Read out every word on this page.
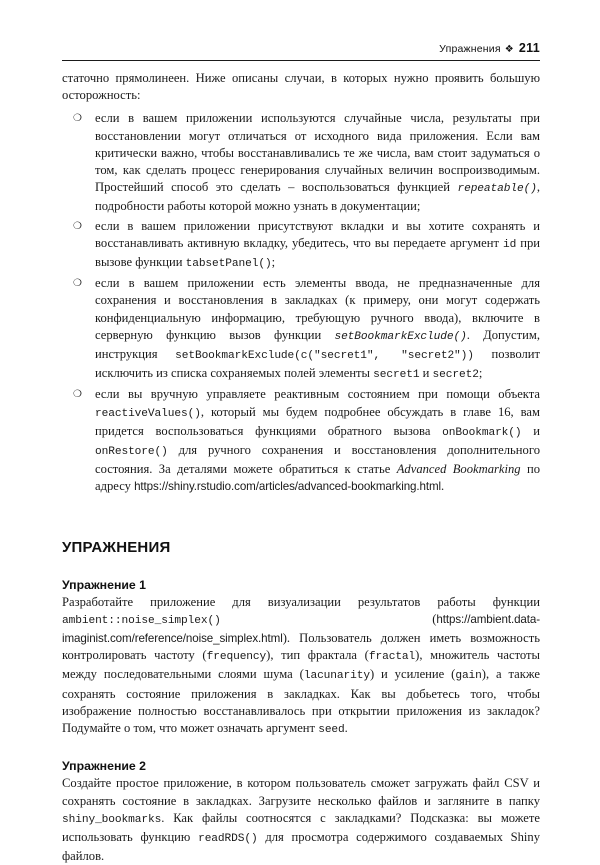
Упражнения ❖ 211

статочно прямолинеен. Ниже описаны случаи, в которых нужно проявить большую осторожность:

❍	если в вашем приложении используются случайные числа, результаты при восстановлении могут отличаться от исходного вида приложения. Если вам критически важно, чтобы восстанавливались те же числа, вам стоит задуматься о том, как сделать процесс генерирования случайных величин воспроизводимым. Простейший способ это сделать – воспользоваться функцией repeatable(), подробности работы которой можно узнать в документации;
❍	если в вашем приложении присутствуют вкладки и вы хотите сохранять и восстанавливать активную вкладку, убедитесь, что вы передаете аргумент id при вызове функции tabsetPanel();
❍	если в вашем приложении есть элементы ввода, не предназначенные для сохранения и восстановления в закладках (к примеру, они могут содержать конфиденциальную информацию, требующую ручного ввода), включите в серверную функцию вызов функции setBookmarkExclude(). Допустим, инструкция setBookmarkExclude(c("secret1", "secret2")) позволит исключить из списка сохраняемых полей элементы secret1 и secret2;
❍	если вы вручную управляете реактивным состоянием при помощи объекта reactiveValues(), который мы будем подробнее обсуждать в главе 16, вам придется воспользоваться функциями обратного вызова onBookmark() и onRestore() для ручного сохранения и восстановления дополнительного состояния. За деталями можете обратиться к статье Advanced Bookmarking по адресу https://shiny.rstudio.com/articles/advanced-bookmarking.html.
упражнения
Упражнение 1

Разработайте приложение для визуализации результатов работы функции ambient::noise_simplex() (https://ambient.data-imaginist.com/reference/noise_simplex.html). Пользователь должен иметь возможность контролировать частоту (frequency), тип фрактала (fractal), множитель частоты между последовательными слоями шума (lacunarity) и усиление (gain), а также сохранять состояние приложения в закладках. Как вы добьетесь того, чтобы изображение полностью восстанавливалось при открытии приложения из закладок? Подумайте о том, что может означать аргумент seed.

Упражнение 2

Создайте простое приложение, в котором пользователь сможет загружать файл CSV и сохранять состояние в закладках. Загрузите несколько файлов и загляните в папку shiny_bookmarks. Как файлы соотносятся с закладками? Подсказка: вы можете использовать функцию readRDS() для просмотра содержимого создаваемых Shiny файлов.
